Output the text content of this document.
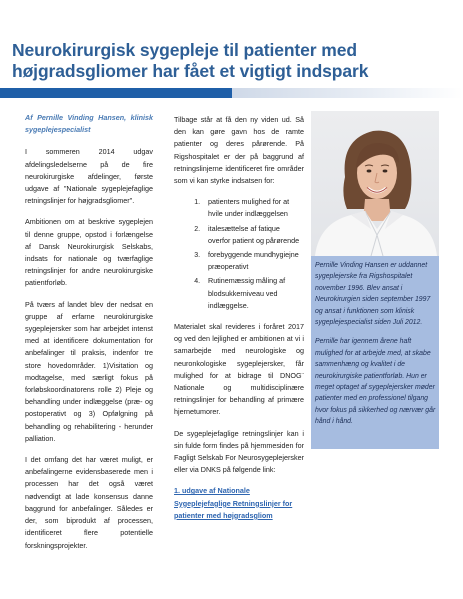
Neurokirurgisk sygepleje til patienter med højgradsgliomer har fået et vigtigt indspark

Af Pernille Vinding Hansen, klinisk sygeplejespecialist

I sommeren 2014 udgav afdelingsledelserne på de fire neurokirurgiske afdelinger, første udgave af "Nationale sygeplejefaglige retningslinjer for højgradsgliomer".

Ambitionen om at beskrive sygeplejen til denne gruppe, opstod i forlængelse af Dansk Neurokirurgisk Selskabs, indsats for nationale og tværfaglige retningslinjer for andre neurokirurgiske patientforløb.

På tværs af landet blev der nedsat en gruppe af erfarne neurokirurgiske sygeplejersker som har arbejdet intenst med at identificere dokumentation for anbefalinger til praksis, indenfor tre store hovedområder. 1)Visitation og modtagelse, med særligt fokus på forløbskoordinatorens rolle 2) Pleje og behandling under indlæggelse (præ- og postoperativt og 3) Opfølgning på behandling og rehabilitering - herunder palliation.

I det omfang det har været muligt, er anbefalingerne evidensbaserede men i processen har det også været nødvendigt at lade konsensus danne baggrund for anbefalinger. Således er der, som biprodukt af processen, identificeret flere potentielle forskningsprojekter.

Tilbage står at få den ny viden ud. Så den kan gøre gavn hos de ramte patienter og deres pårørende. På Rigshospitalet er der på baggrund af retningslinjerne identificeret fire områder som vi kan styrke indsatsen for:

1. patienters mulighed for at hvile under indlæggelsen
2. italesættelse af fatique overfor patient og pårørende
3. forebyggende mundhygiejne præoperativt
4. Rutinemæssig måling af blodsukkerniveau ved indlæggelse.

Materialet skal revideres i foråret 2017 og ved den lejlighed er ambitionen at vi i samarbejde med neurologiske og neuronkologiske sygeplejersker, får mulighed for at bidrage til DNOG¨ Nationale og multidisciplinære retningslinjer for behandling af primære hjernetumorer.

De sygeplejefaglige retningslinjer kan i sin fulde form findes på hjemmesiden for Fagligt Selskab For Neurosygeplejersker eller via DNKS på følgende link:

1. udgave af Nationale Sygeplejefaglige Retningslinjer for patienter med højgradsgliom

Pernille Vinding Hansen er uddannet sygeplejerske fra Rigshospitalet november 1996. Blev ansat i Neurokirurgien siden september 1997 og ansat i funktionen som klinisk sygeplejespecialist siden Juli 2012.

Pernille har igennem årene haft mulighed for at arbejde med, at skabe sammenhæng og kvalitet i de neurokirurgiske patientforløb. Hun er meget optaget af sygeplejersker møder patienter med en professionel tilgang hvor fokus på sikkerhed og nærvær går hånd i hånd.
